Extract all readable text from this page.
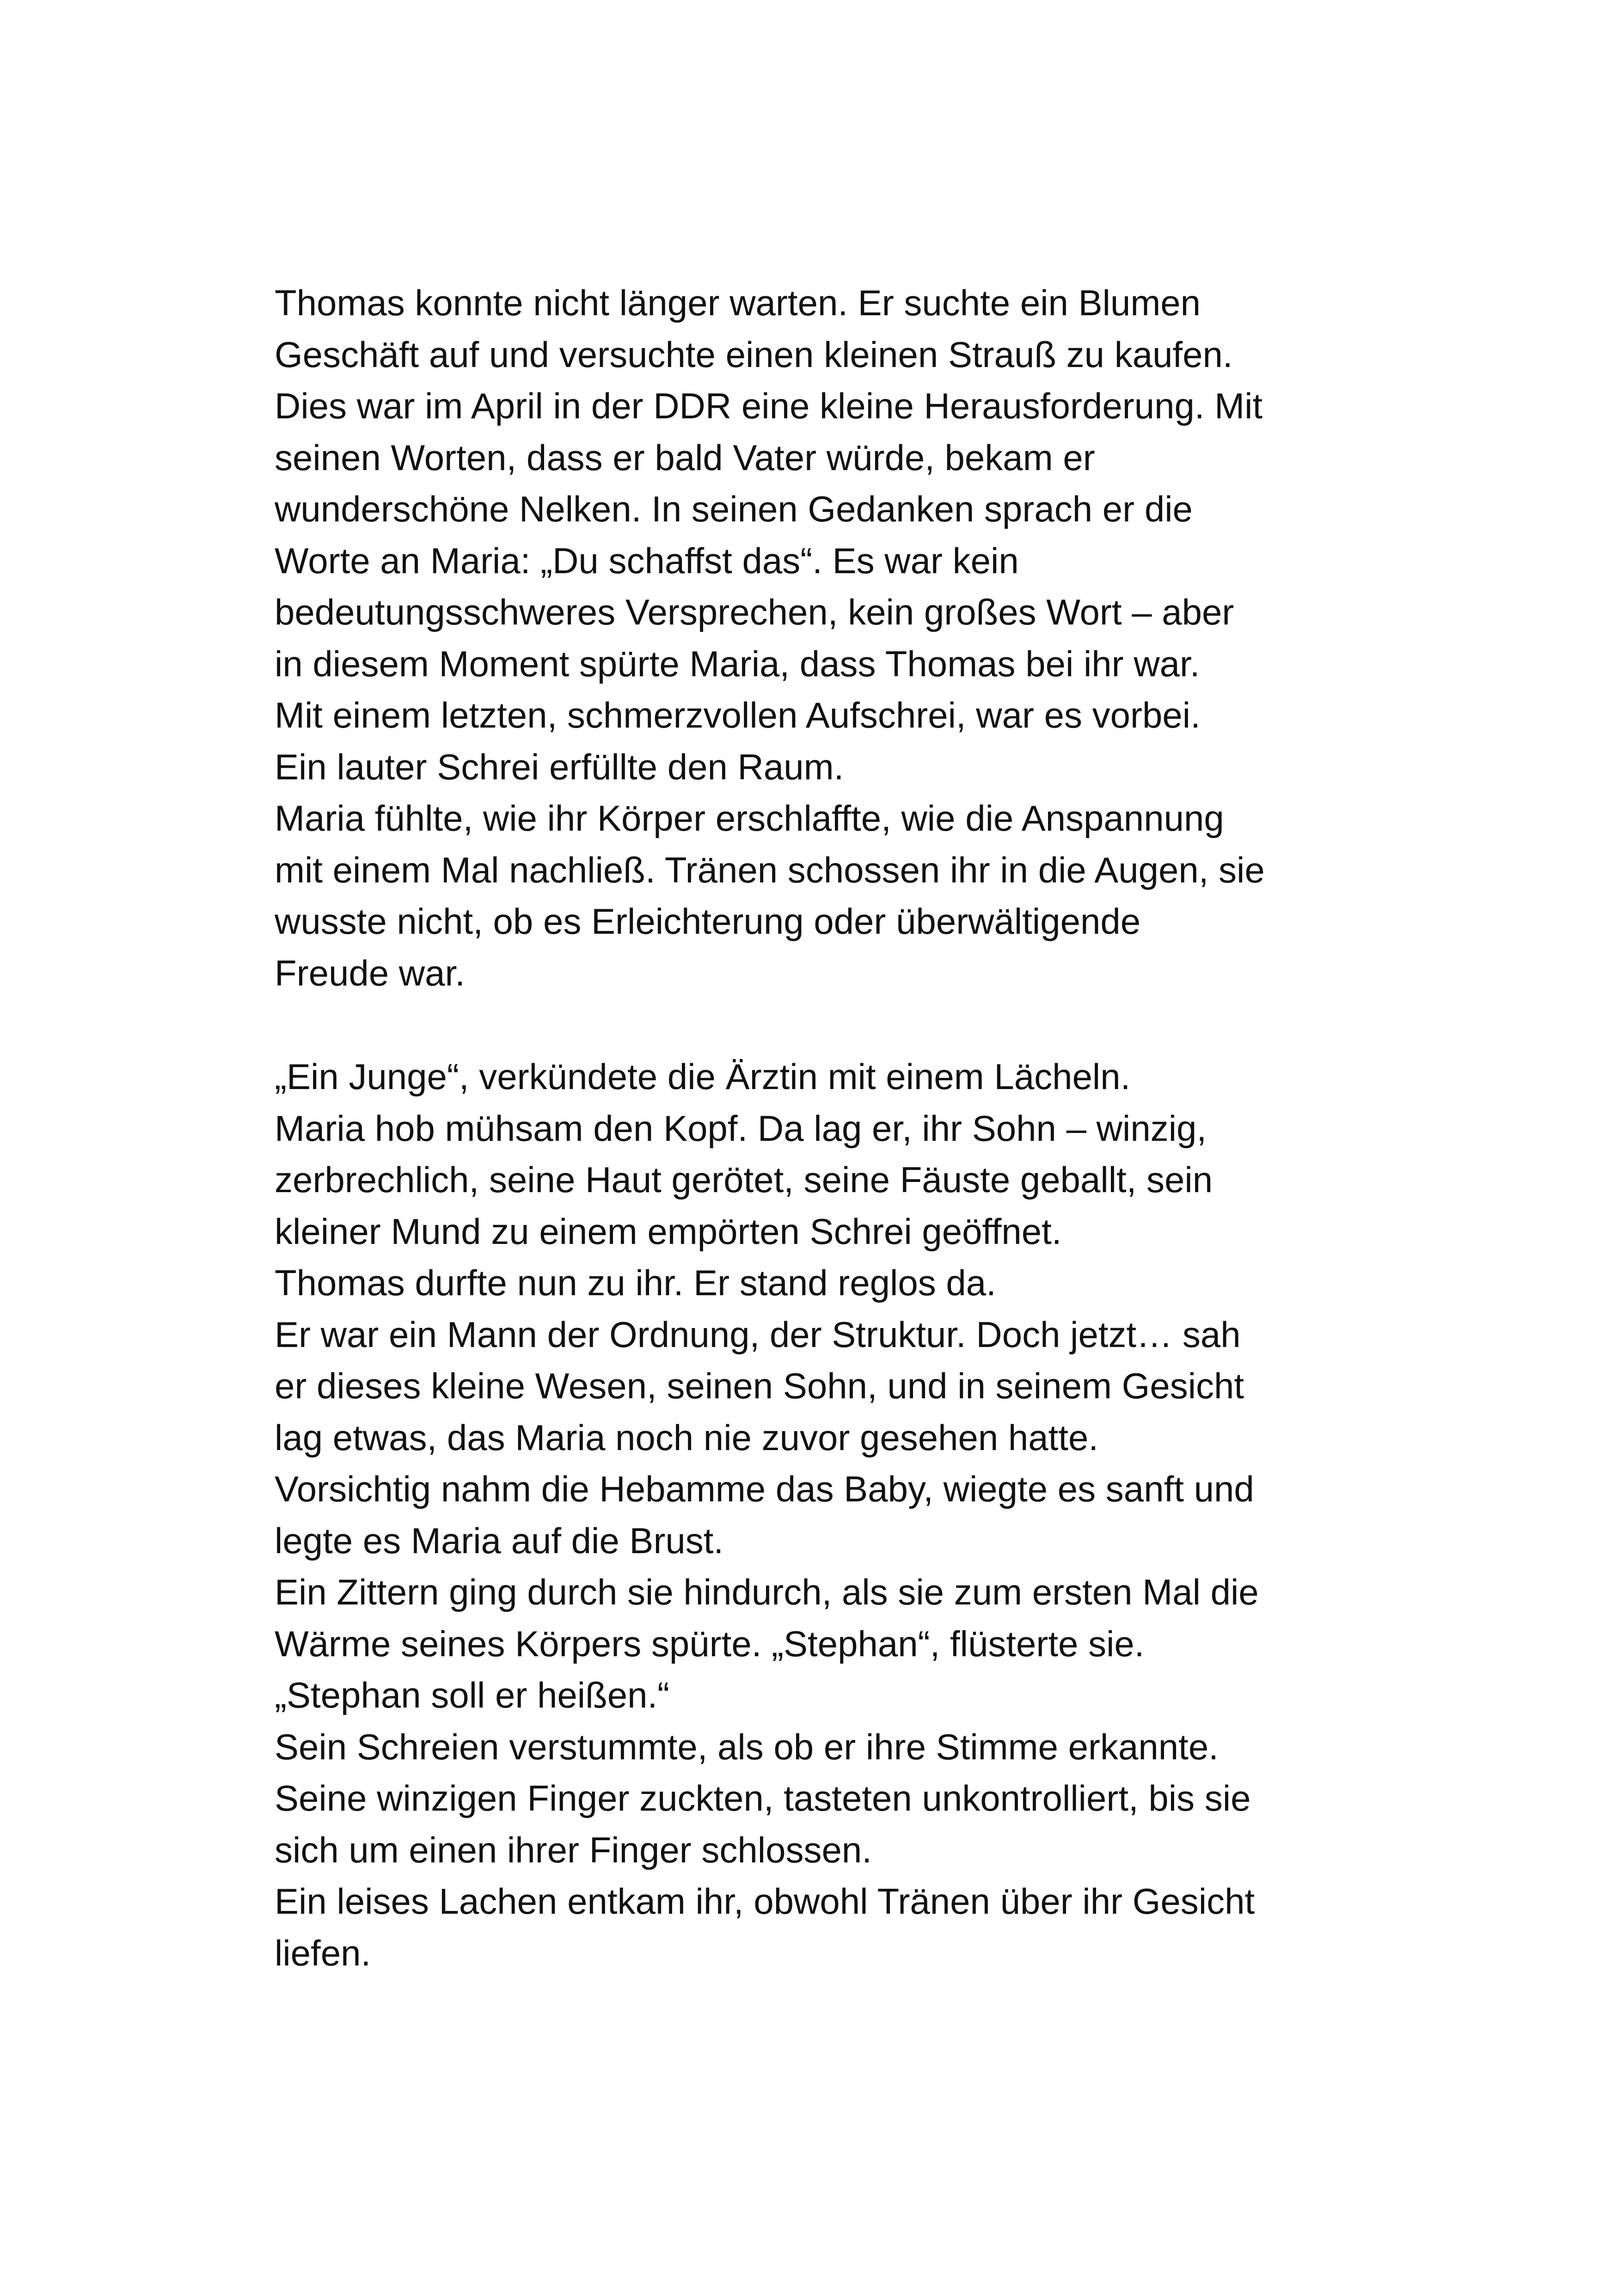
Thomas konnte nicht länger warten. Er suchte ein Blumen
Geschäft auf und versuchte einen kleinen Strauß zu kaufen.
Dies war im April in der DDR eine kleine Herausforderung. Mit
seinen Worten, dass er bald Vater würde, bekam er
wunderschöne Nelken. In seinen Gedanken sprach er die
Worte an Maria: „Du schaffst das“. Es war kein
bedeutungsschweres Versprechen, kein großes Wort – aber
in diesem Moment spürte Maria, dass Thomas bei ihr war.
Mit einem letzten, schmerzvollen Aufschrei, war es vorbei.
Ein lauter Schrei erfüllte den Raum.
Maria fühlte, wie ihr Körper erschlaffte, wie die Anspannung
mit einem Mal nachließ. Tränen schossen ihr in die Augen, sie
wusste nicht, ob es Erleichterung oder überwältigende
Freude war.
„Ein Junge“, verkündete die Ärztin mit einem Lächeln.
Maria hob mühsam den Kopf. Da lag er, ihr Sohn – winzig,
zerbrechlich, seine Haut gerötet, seine Fäuste geballt, sein
kleiner Mund zu einem empörten Schrei geöffnet.
Thomas durfte nun zu ihr. Er stand reglos da.
Er war ein Mann der Ordnung, der Struktur. Doch jetzt… sah
er dieses kleine Wesen, seinen Sohn, und in seinem Gesicht
lag etwas, das Maria noch nie zuvor gesehen hatte.
Vorsichtig nahm die Hebamme das Baby, wiegte es sanft und
legte es Maria auf die Brust.
Ein Zittern ging durch sie hindurch, als sie zum ersten Mal die
Wärme seines Körpers spürte. „Stephan“, flüsterte sie.
„Stephan soll er heißen.“
Sein Schreien verstummte, als ob er ihre Stimme erkannte.
Seine winzigen Finger zuckten, tasteten unkontrolliert, bis sie
sich um einen ihrer Finger schlossen.
Ein leises Lachen entkam ihr, obwohl Tränen über ihr Gesicht
liefen.
